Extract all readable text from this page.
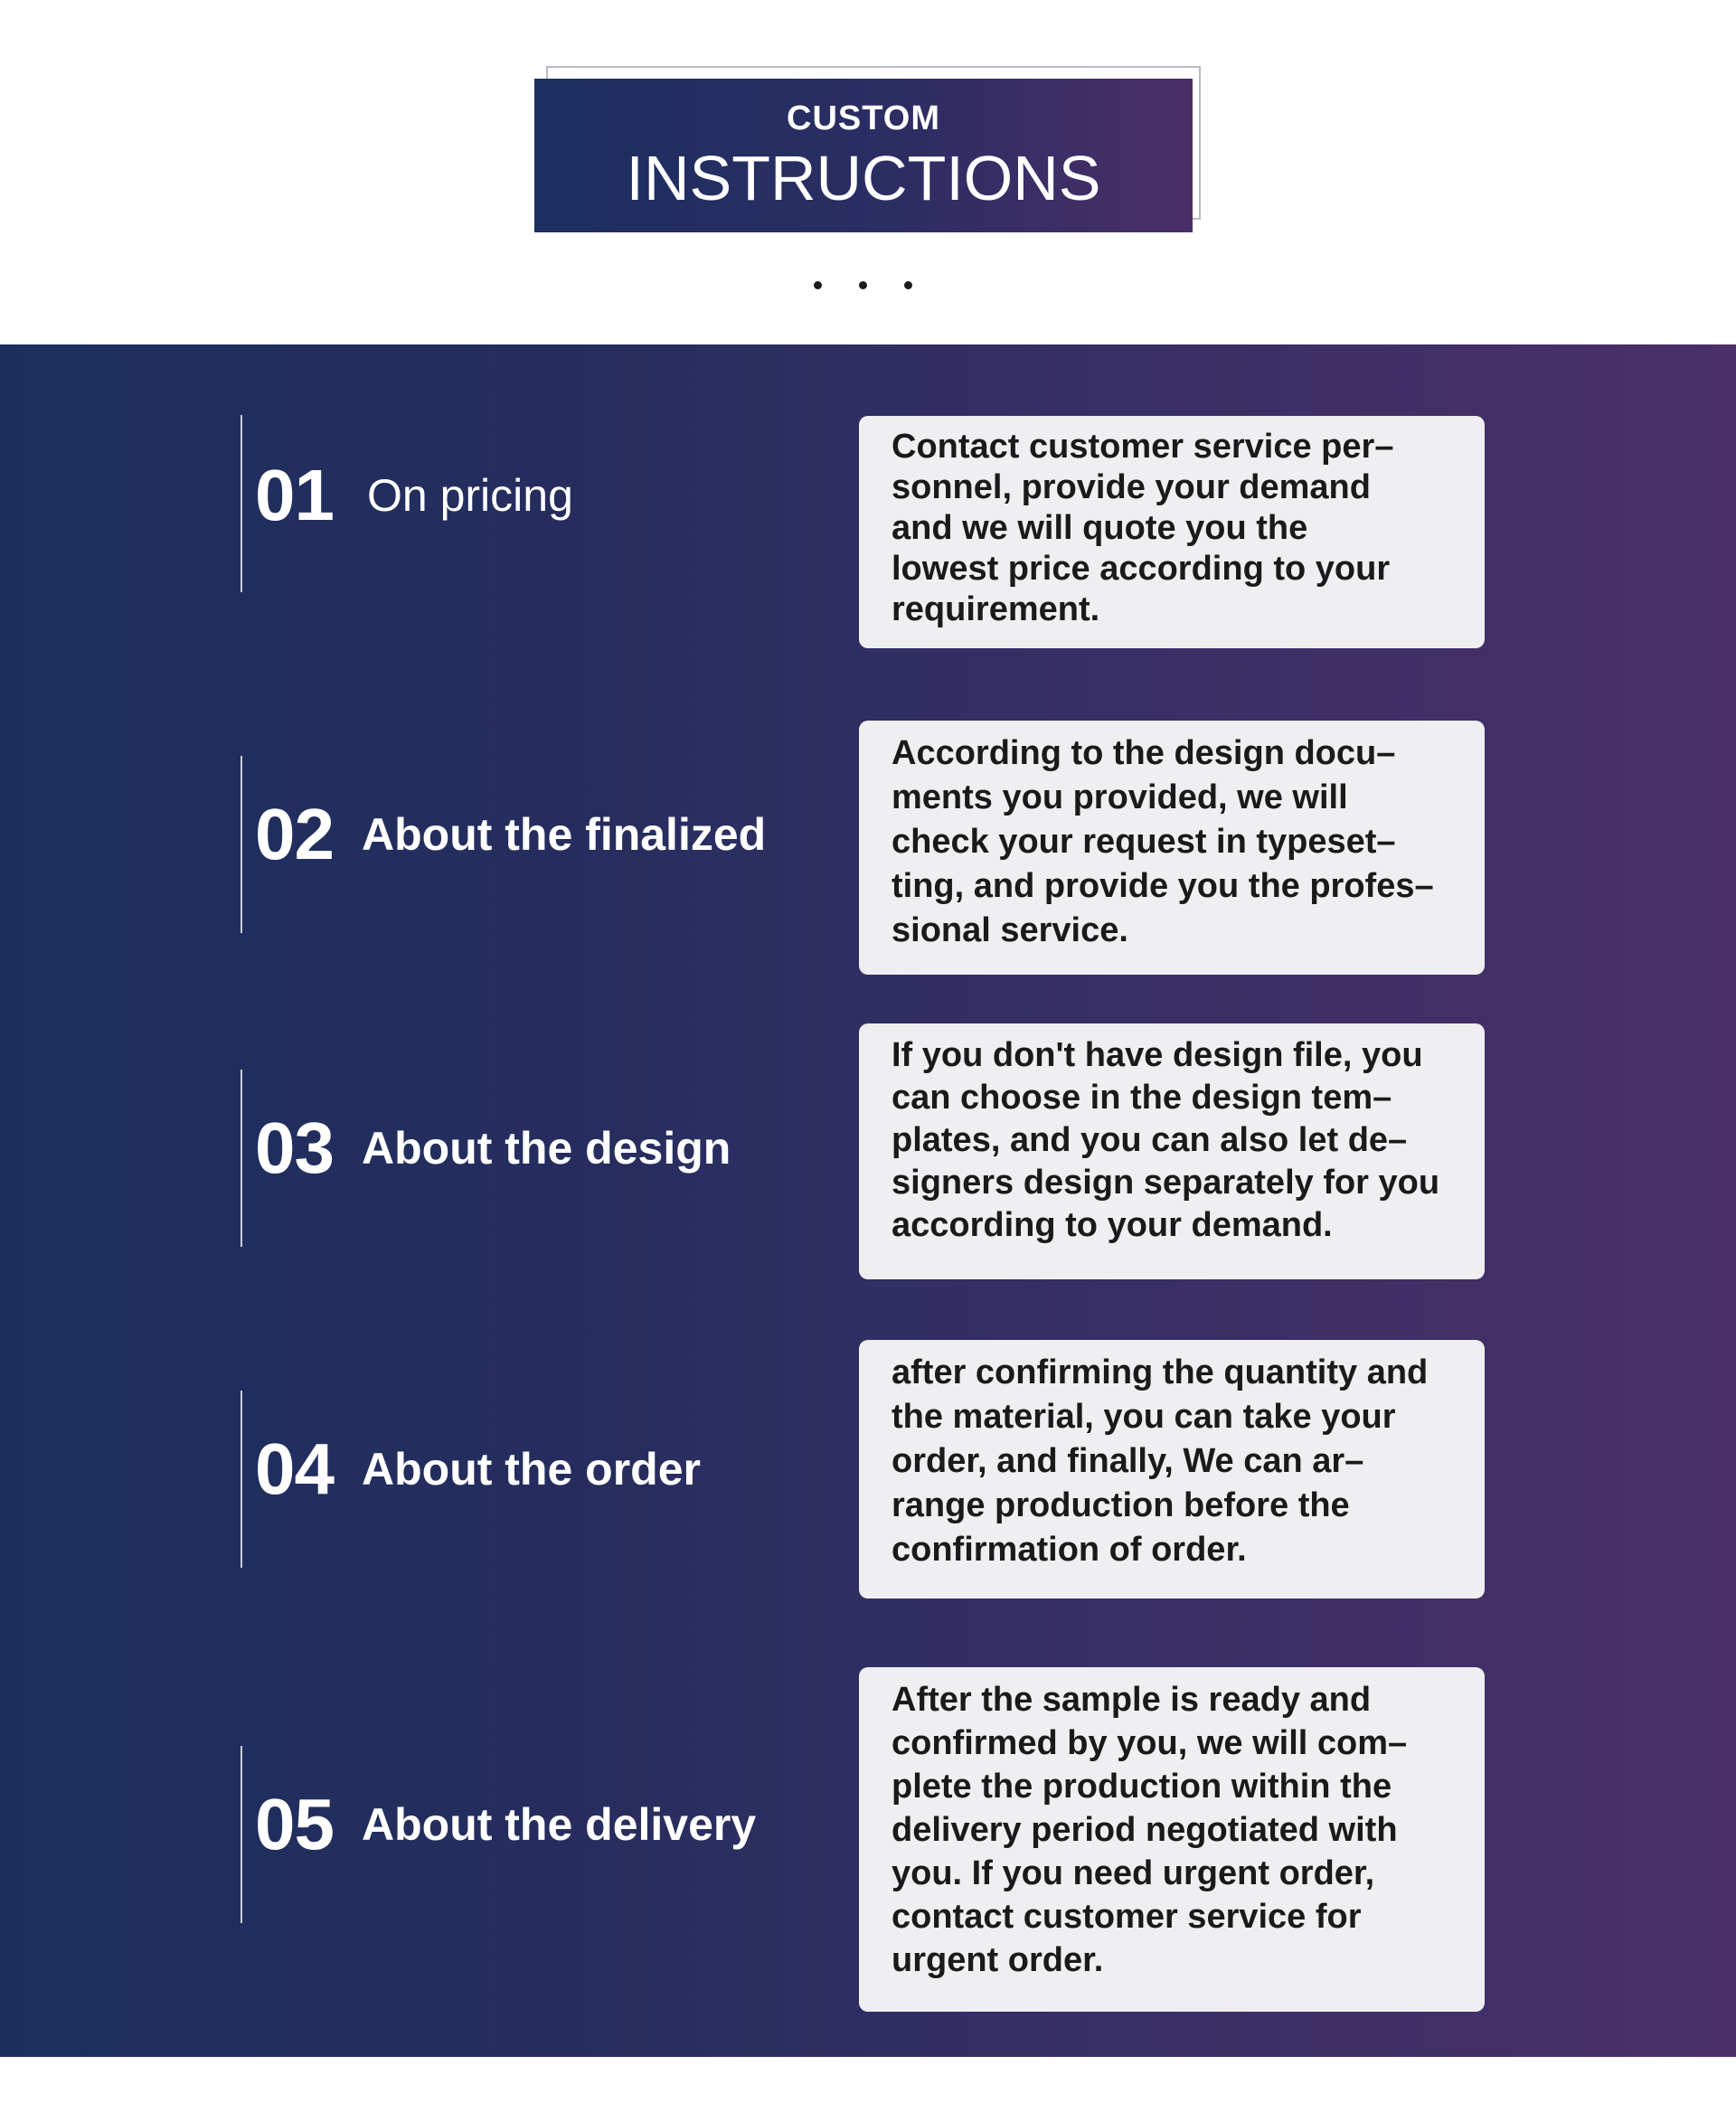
CUSTOM
INSTRUCTIONS
01 On pricing

Contact customer service per–
sonnel, provide your demand
and we will quote you the
lowest price according to your
requirement.

02 About the finalized

According to the design docu–
ments you provided, we will
check your request in typeset–
ting, and provide you the profes–
sional service.

03 About the design

If you don't have design file, you
can choose in the design tem–
plates, and you can also let de–
signers design separately for you
according to your demand.

04 About the order

after confirming the quantity and
the material, you can take your
order, and finally, We can ar–
range production before the
confirmation of order.

05 About the delivery

After the sample is ready and
confirmed by you, we will com–
plete the production within the
delivery period negotiated with
you. If you need urgent order,
contact customer service for
urgent order.
